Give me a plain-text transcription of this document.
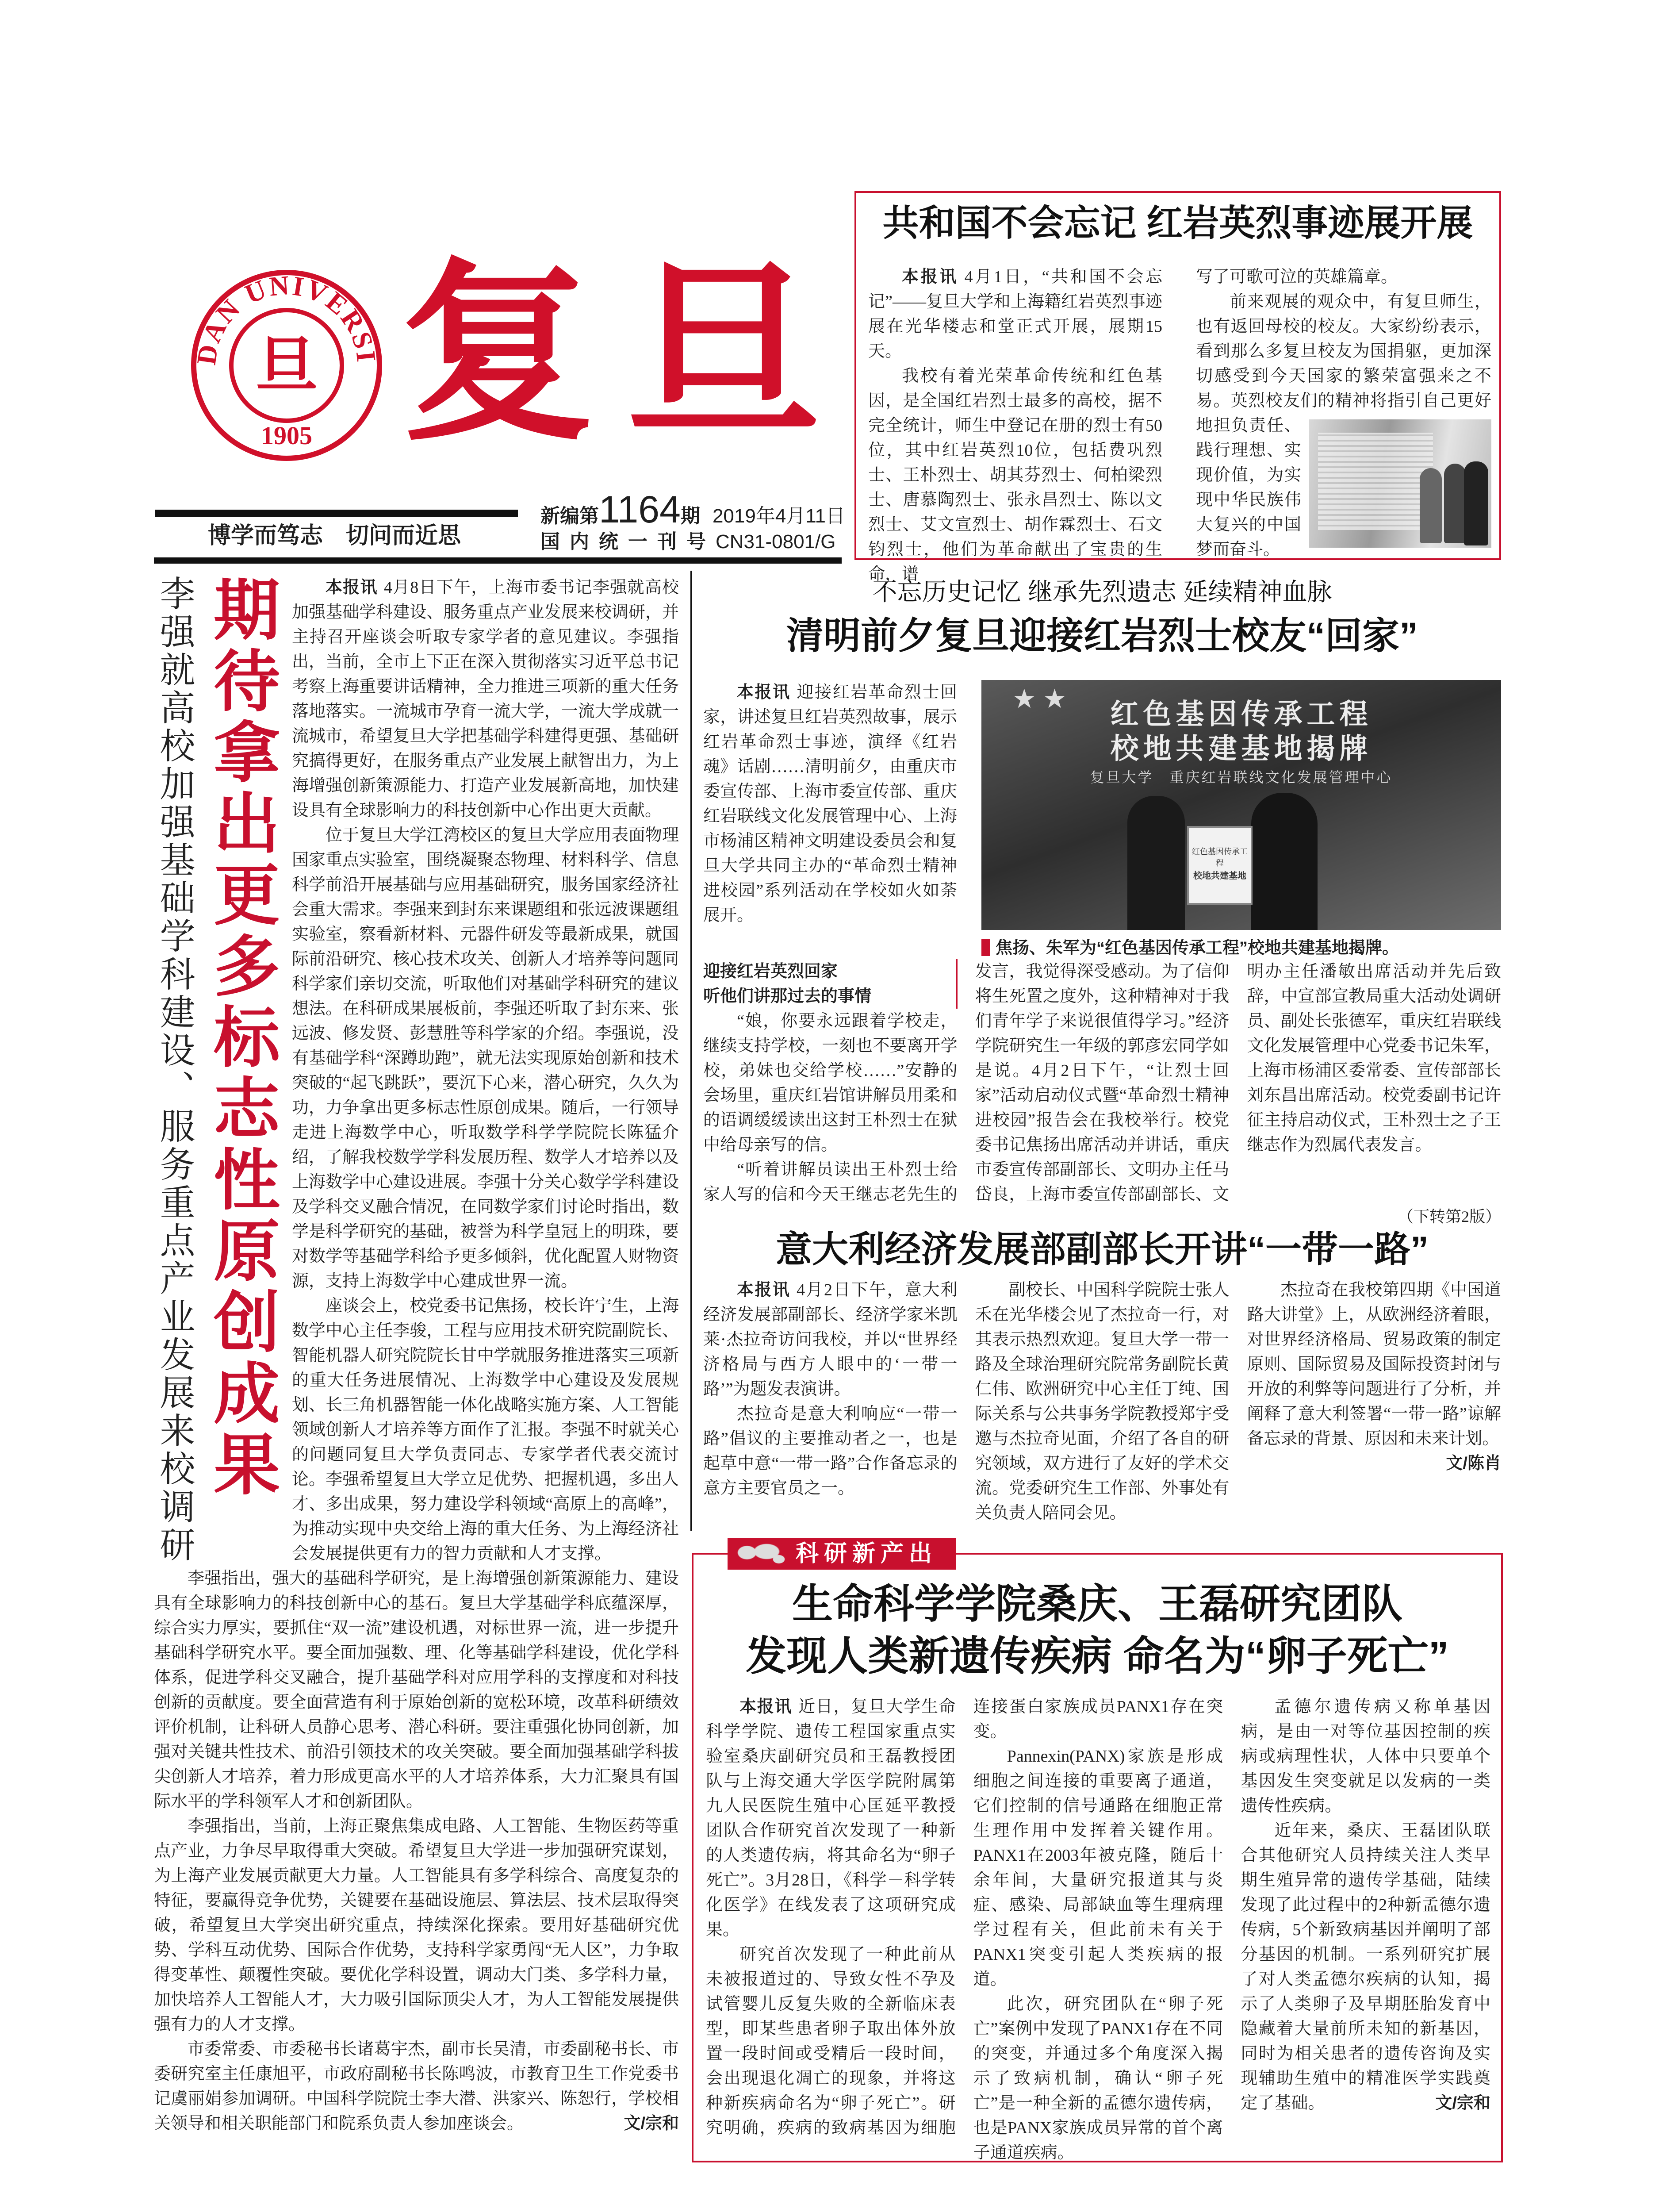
DAN UNIVERSI
1905
旦 复旦
博学而笃志　切问而近思
新编第1164期 2019年4月11日
国内统一刊号CN31-0801/G
共和国不会忘记 红岩英烈事迹展开展

本报讯 4月1日，“共和国不会忘记”——复旦大学和上海籍红岩英烈事迹展在光华楼志和堂正式开展，展期15天。

我校有着光荣革命传统和红色基因，是全国红岩烈士最多的高校，据不完全统计，师生中登记在册的烈士有50位，其中红岩英烈10位，包括费巩烈士、王朴烈士、胡其芬烈士、何柏梁烈士、唐慕陶烈士、张永昌烈士、陈以文烈士、艾文宣烈士、胡作霖烈士、石文钧烈士，他们为革命献出了宝贵的生命，谱

写了可歌可泣的英雄篇章。

前来观展的观众中，有复旦师生，也有返回母校的校友。大家纷纷表示，看到那么多复旦校友为国捐躯，更加深切感受到今天国家的繁荣富强来之不易。英烈校友们的精神将指引自己更好地担负责任、践行理想、实现价值，为实现中华民族伟大复兴的中国梦而奋斗。

李强就高校加强基础学科建设、服务重点产业发展来校调研 期待拿出更多标志性原创成果	本报讯 4月8日下午，上海市委书记李强就高校加强基础学科建设、服务重点产业发展来校调研，并主持召开座谈会听取专家学者的意见建议。李强指出，当前，全市上下正在深入贯彻落实习近平总书记考察上海重要讲话精神，全力推进三项新的重大任务落地落实。一流城市孕育一流大学，一流大学成就一流城市，希望复旦大学把基础学科建得更强、基础研究搞得更好，在服务重点产业发展上献智出力，为上海增强创新策源能力、打造产业发展新高地，加快建设具有全球影响力的科技创新中心作出更大贡献。

位于复旦大学江湾校区的复旦大学应用表面物理国家重点实验室，围绕凝聚态物理、材料科学、信息科学前沿开展基础与应用基础研究，服务国家经济社会重大需求。李强来到封东来课题组和张远波课题组实验室，察看新材料、元器件研发等最新成果，就国际前沿研究、核心技术攻关、创新人才培养等问题同科学家们亲切交流，听取他们对基础学科研究的建议想法。在科研成果展板前，李强还听取了封东来、张远波、修发贤、彭慧胜等科学家的介绍。李强说，没有基础学科“深蹲助跑”，就无法实现原始创新和技术突破的“起飞跳跃”，要沉下心来，潜心研究，久久为功，力争拿出更多标志性原创成果。随后，一行领导走进上海数学中心，听取数学科学学院院长陈猛介绍，了解我校数学学科发展历程、数学人才培养以及上海数学中心建设进展。李强十分关心数学学科建设及学科交叉融合情况，在同数学家们讨论时指出，数学是科学研究的基础，被誉为科学皇冠上的明珠，要对数学等基础学科给予更多倾斜，优化配置人财物资源，支持上海数学中心建成世界一流。

座谈会上，校党委书记焦扬，校长许宁生，上海数学中心主任李骏，工程与应用技术研究院副院长、智能机器人研究院院长甘中学就服务推进落实三项新的重大任务进展情况、上海数学中心建设及发展规划、长三角机器智能一体化战略实施方案、人工智能领域创新人才培养等方面作了汇报。李强不时就关心的问题同复旦大学负责同志、专家学者代表交流讨论。李强希望复旦大学立足优势、把握机遇，多出人才、多出成果，努力建设学科领域“高原上的高峰”，为推动实现中央交给上海的重大任务、为上海经济社会发展提供更有力的智力贡献和人才支撑。

李强指出，强大的基础科学研究，是上海增强创新策源能力、建设具有全球影响力的科技创新中心的基石。复旦大学基础学科底蕴深厚，综合实力厚实，要抓住“双一流”建设机遇，对标世界一流，进一步提升基础科学研究水平。要全面加强数、理、化等基础学科建设，优化学科体系，促进学科交叉融合，提升基础学科对应用学科的支撑度和对科技创新的贡献度。要全面营造有利于原始创新的宽松环境，改革科研绩效评价机制，让科研人员静心思考、潜心科研。要注重强化协同创新，加强对关键共性技术、前沿引领技术的攻关突破。要全面加强基础学科拔尖创新人才培养，着力形成更高水平的人才培养体系，大力汇聚具有国际水平的学科领军人才和创新团队。

李强指出，当前，上海正聚焦集成电路、人工智能、生物医药等重点产业，力争尽早取得重大突破。希望复旦大学进一步加强研究谋划，为上海产业发展贡献更大力量。人工智能具有多学科综合、高度复杂的特征，要赢得竞争优势，关键要在基础设施层、算法层、技术层取得突破，希望复旦大学突出研究重点，持续深化探索。要用好基础研究优势、学科互动优势、国际合作优势，支持科学家勇闯“无人区”，力争取得变革性、颠覆性突破。要优化学科设置，调动大门类、多学科力量，加快培养人工智能人才，大力吸引国际顶尖人才，为人工智能发展提供强有力的人才支撑。

市委常委、市委秘书长诸葛宇杰，副市长吴清，市委副秘书长、市委研究室主任康旭平，市政府副秘书长陈鸣波，市教育卫生工作党委书记虞丽娟参加调研。中国科学院院士李大潜、洪家兴、陈恕行，学校相关领导和相关职能部门和院系负责人参加座谈会。	文/宗和

不忘历史记忆 继承先烈遗志 延续精神血脉
清明前夕复旦迎接红岩烈士校友“回家”

本报讯 迎接红岩革命烈士回家，讲述复旦红岩英烈故事，展示红岩革命烈士事迹，演绎《红岩魂》话剧……清明前夕，由重庆市委宣传部、上海市委宣传部、重庆红岩联线文化发展管理中心、上海市杨浦区精神文明建设委员会和复旦大学共同主办的“革命烈士精神进校园”系列活动在学校如火如荼展开。

★ ★	红色基因传承工程
校地共建基地揭牌
复旦大学　重庆红岩联线文化发展管理中心
红色基因传承工程
校地共建基地
焦扬、朱军为“红色基因传承工程”校地共建基地揭牌。
迎接红岩英烈回家
听他们讲那过去的事情

“娘，你要永远跟着学校走，继续支持学校，一刻也不要离开学校，弟妹也交给学校……”安静的会场里，重庆红岩馆讲解员用柔和的语调缓缓读出这封王朴烈士在狱中给母亲写的信。

“听着讲解员读出王朴烈士给家人写的信和今天王继志老先生的发言，我觉得深受感动。为了信仰将生死置之度外，这种精神对于我们青年学子来说很值得学习。”经济学院研究生一年级的郭彦宏同学如是说。4月2日下午，“让烈士回家”活动启动仪式暨“革命烈士精神进校园”报告会在我校举行。校党委书记焦扬出席活动并讲话，重庆市委宣传部副部长、文明办主任马岱良，上海市委宣传部副部长、文明办主任潘敏出席活动并先后致辞，中宣部宣教局重大活动处调研员、副处长张德军，重庆红岩联线文化发展管理中心党委书记朱军，上海市杨浦区委常委、宣传部部长刘东昌出席活动。校党委副书记许征主持启动仪式，王朴烈士之子王继志作为烈属代表发言。

（下转第2版）
意大利经济发展部副部长开讲“一带一路”

本报讯 4月2日下午，意大利经济发展部副部长、经济学家米凯莱·杰拉奇访问我校，并以“世界经济格局与西方人眼中的‘一带一路’”为题发表演讲。

杰拉奇是意大利响应“一带一路”倡议的主要推动者之一，也是起草中意“一带一路”合作备忘录的意方主要官员之一。

副校长、中国科学院院士张人禾在光华楼会见了杰拉奇一行，对其表示热烈欢迎。复旦大学一带一路及全球治理研究院常务副院长黄仁伟、欧洲研究中心主任丁纯、国际关系与公共事务学院教授郑宇受邀与杰拉奇见面，介绍了各自的研究领域，双方进行了友好的学术交流。党委研究生工作部、外事处有关负责人陪同会见。

杰拉奇在我校第四期《中国道路大讲堂》上，从欧洲经济着眼，对世界经济格局、贸易政策的制定原则、国际贸易及国际投资封闭与开放的利弊等问题进行了分析，并阐释了意大利签署“一带一路”谅解备忘录的背景、原因和未来计划。
文/陈肖

科研新产出
生命科学学院桑庆、王磊研究团队
发现人类新遗传疾病 命名为“卵子死亡”

本报讯 近日，复旦大学生命科学学院、遗传工程国家重点实验室桑庆副研究员和王磊教授团队与上海交通大学医学院附属第九人民医院生殖中心匡延平教授团队合作研究首次发现了一种新的人类遗传病，将其命名为“卵子死亡”。3月28日，《科学－科学转化医学》在线发表了这项研究成果。

研究首次发现了一种此前从未被报道过的、导致女性不孕及试管婴儿反复失败的全新临床表型，即某些患者卵子取出体外放置一段时间或受精后一段时间，会出现退化凋亡的现象，并将这种新疾病命名为“卵子死亡”。研究明确，疾病的致病基因为细胞连接蛋白家族成员PANX1存在突变。

Pannexin(PANX)家族是形成细胞之间连接的重要离子通道，它们控制的信号通路在细胞正常生理作用中发挥着关键作用。PANX1在2003年被克隆，随后十余年间，大量研究报道其与炎症、感染、局部缺血等生理病理学过程有关，但此前未有关于PANX1突变引起人类疾病的报道。

此次，研究团队在“卵子死亡”案例中发现了PANX1存在不同的突变，并通过多个角度深入揭示了致病机制，确认“卵子死亡”是一种全新的孟德尔遗传病，也是PANX家族成员异常的首个离子通道疾病。

孟德尔遗传病又称单基因病，是由一对等位基因控制的疾病或病理性状，人体中只要单个基因发生突变就足以发病的一类遗传性疾病。

近年来，桑庆、王磊团队联合其他研究人员持续关注人类早期生殖异常的遗传学基础，陆续发现了此过程中的2种新孟德尔遗传病，5个新致病基因并阐明了部分基因的机制。一系列研究扩展了对人类孟德尔疾病的认知，揭示了人类卵子及早期胚胎发育中隐藏着大量前所未知的新基因，同时为相关患者的遗传咨询及实现辅助生殖中的精准医学实践奠定了基础。	文/宗和
